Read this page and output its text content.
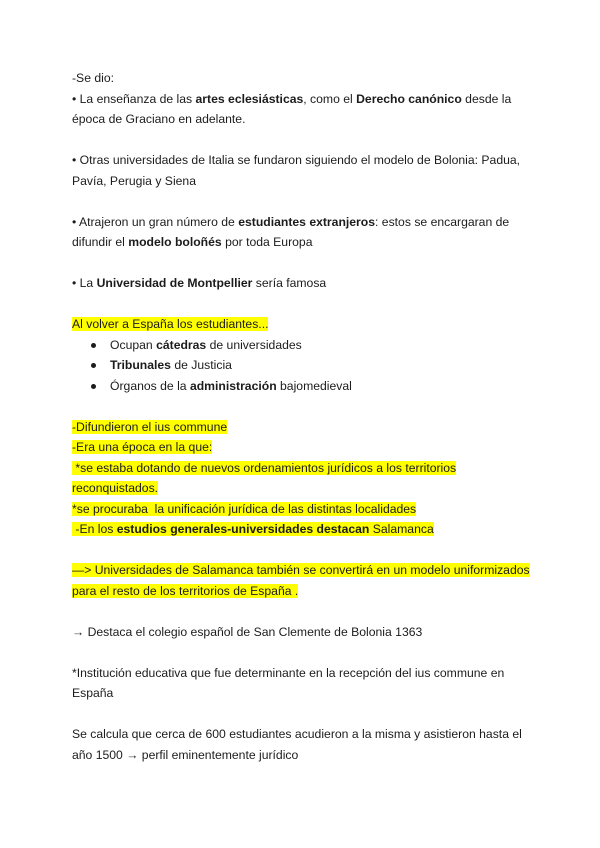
-Se dio:
• La enseñanza de las artes eclesiásticas, como el Derecho canónico desde la
época de Graciano en adelante.
• Otras universidades de Italia se fundaron siguiendo el modelo de Bolonia: Padua,
Pavía, Perugia y Siena
• Atrajeron un gran número de estudiantes extranjeros: estos se encargaran de
difundir el modelo boloñés por toda Europa
• La Universidad de Montpellier sería famosa
Al volver a España los estudiantes...
Ocupan cátedras de universidades
Tribunales de Justicia
Órganos de la administración bajomedieval
-Difundieron el ius commune
-Era una época en la que:
*se estaba dotando de nuevos ordenamientos jurídicos a los territorios
reconquistados.
*se procuraba  la unificación jurídica de las distintas localidades
-En los estudios generales-universidades destacan Salamanca
—> Universidades de Salamanca también se convertirá en un modelo uniformizados
para el resto de los territorios de España .
→ Destaca el colegio español de San Clemente de Bolonia 1363
*Institución educativa que fue determinante en la recepción del ius commune en
España
Se calcula que cerca de 600 estudiantes acudieron a la misma y asistieron hasta el
año 1500 → perfil eminentemente jurídico
